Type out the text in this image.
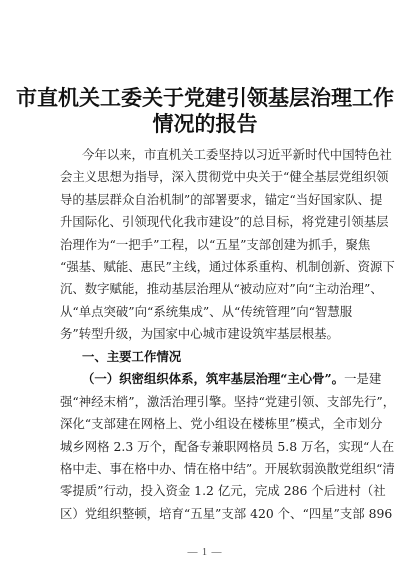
市直机关工委关于党建引领基层治理工作
情况的报告

今年以来，市直机关工委坚持以习近平新时代中国特色社

会主义思想为指导，深入贯彻党中央关于“健全基层党组织领

导的基层群众自治机制”的部署要求，锚定“当好国家队、提

升国际化、引领现代化我市建设”的总目标，将党建引领基层

治理作为“一把手”工程，以“五星”支部创建为抓手，聚焦

“强基、赋能、惠民”主线，通过体系重构、机制创新、资源下

沉、数字赋能，推动基层治理从“被动应对”向“主动治理”、

从“单点突破”向“系统集成”、从“传统管理”向“智慧服

务”转型升级，为国家中心城市建设筑牢基层根基。

一、主要工作情况

（一）织密组织体系，筑牢基层治理“主心骨”。一是建

强“神经末梢”，激活治理引擎。坚持“党建引领、支部先行”，

深化“支部建在网格上、党小组设在楼栋里”模式，全市划分

城乡网格 2.3 万个，配备专兼职网格员 5.8 万名，实现“人在

格中走、事在格中办、情在格中结”。开展软弱涣散党组织“清

零提质”行动，投入资金 1.2 亿元，完成 286 个后进村（社

区）党组织整顿，培育“五星”支部 420 个、“四星”支部 896

— 1 —
